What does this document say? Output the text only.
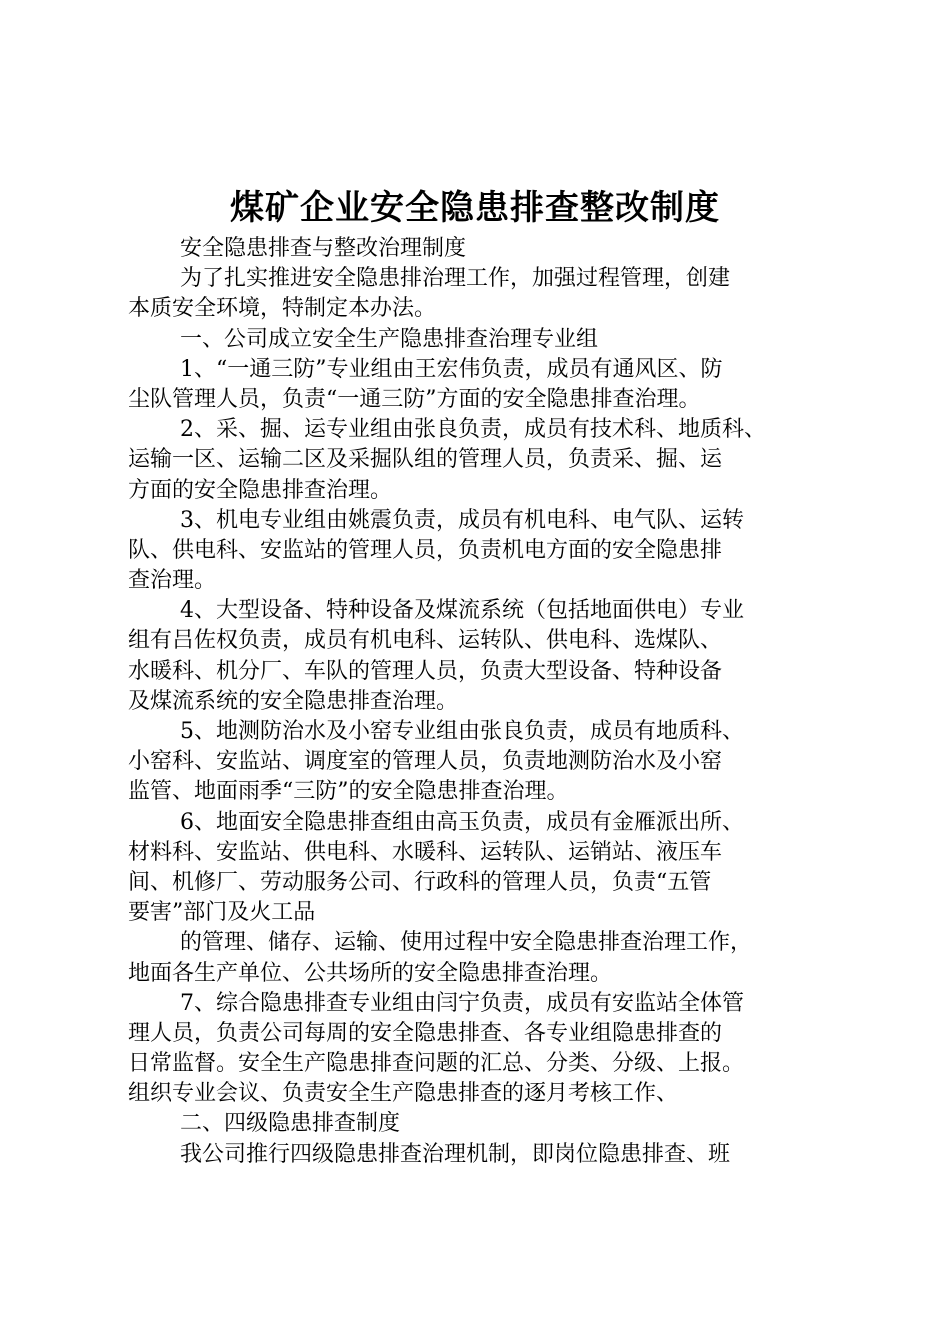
煤矿企业安全隐患排查整改制度
安全隐患排查与整改治理制度
为了扎实推进安全隐患排治理工作，加强过程管理，创建
本质安全环境，特制定本办法。
一、公司成立安全生产隐患排查治理专业组
1、“一通三防”专业组由王宏伟负责，成员有通风区、防
尘队管理人员，负责“一通三防”方面的安全隐患排查治理。
2、采、掘、运专业组由张良负责，成员有技术科、地质科、
运输一区、运输二区及采掘队组的管理人员，负责采、掘、运
方面的安全隐患排查治理。
3、机电专业组由姚震负责，成员有机电科、电气队、运转
队、供电科、安监站的管理人员，负责机电方面的安全隐患排
查治理。
4、大型设备、特种设备及煤流系统（包括地面供电）专业
组有吕佐权负责，成员有机电科、运转队、供电科、选煤队、
水暖科、机分厂、车队的管理人员，负责大型设备、特种设备
及煤流系统的安全隐患排查治理。
5、地测防治水及小窑专业组由张良负责，成员有地质科、
小窑科、安监站、调度室的管理人员，负责地测防治水及小窑
监管、地面雨季“三防”的安全隐患排查治理。
6、地面安全隐患排查组由高玉负责，成员有金雁派出所、
材料科、安监站、供电科、水暖科、运转队、运销站、液压车
间、机修厂、劳动服务公司、行政科的管理人员，负责“五管
要害”部门及火工品
的管理、储存、运输、使用过程中安全隐患排查治理工作，
地面各生产单位、公共场所的安全隐患排查治理。
7、综合隐患排查专业组由闫宁负责，成员有安监站全体管
理人员，负责公司每周的安全隐患排查、各专业组隐患排查的
日常监督。安全生产隐患排查问题的汇总、分类、分级、上报。
组织专业会议、负责安全生产隐患排查的逐月考核工作、
二、四级隐患排查制度
我公司推行四级隐患排查治理机制，即岗位隐患排查、班
